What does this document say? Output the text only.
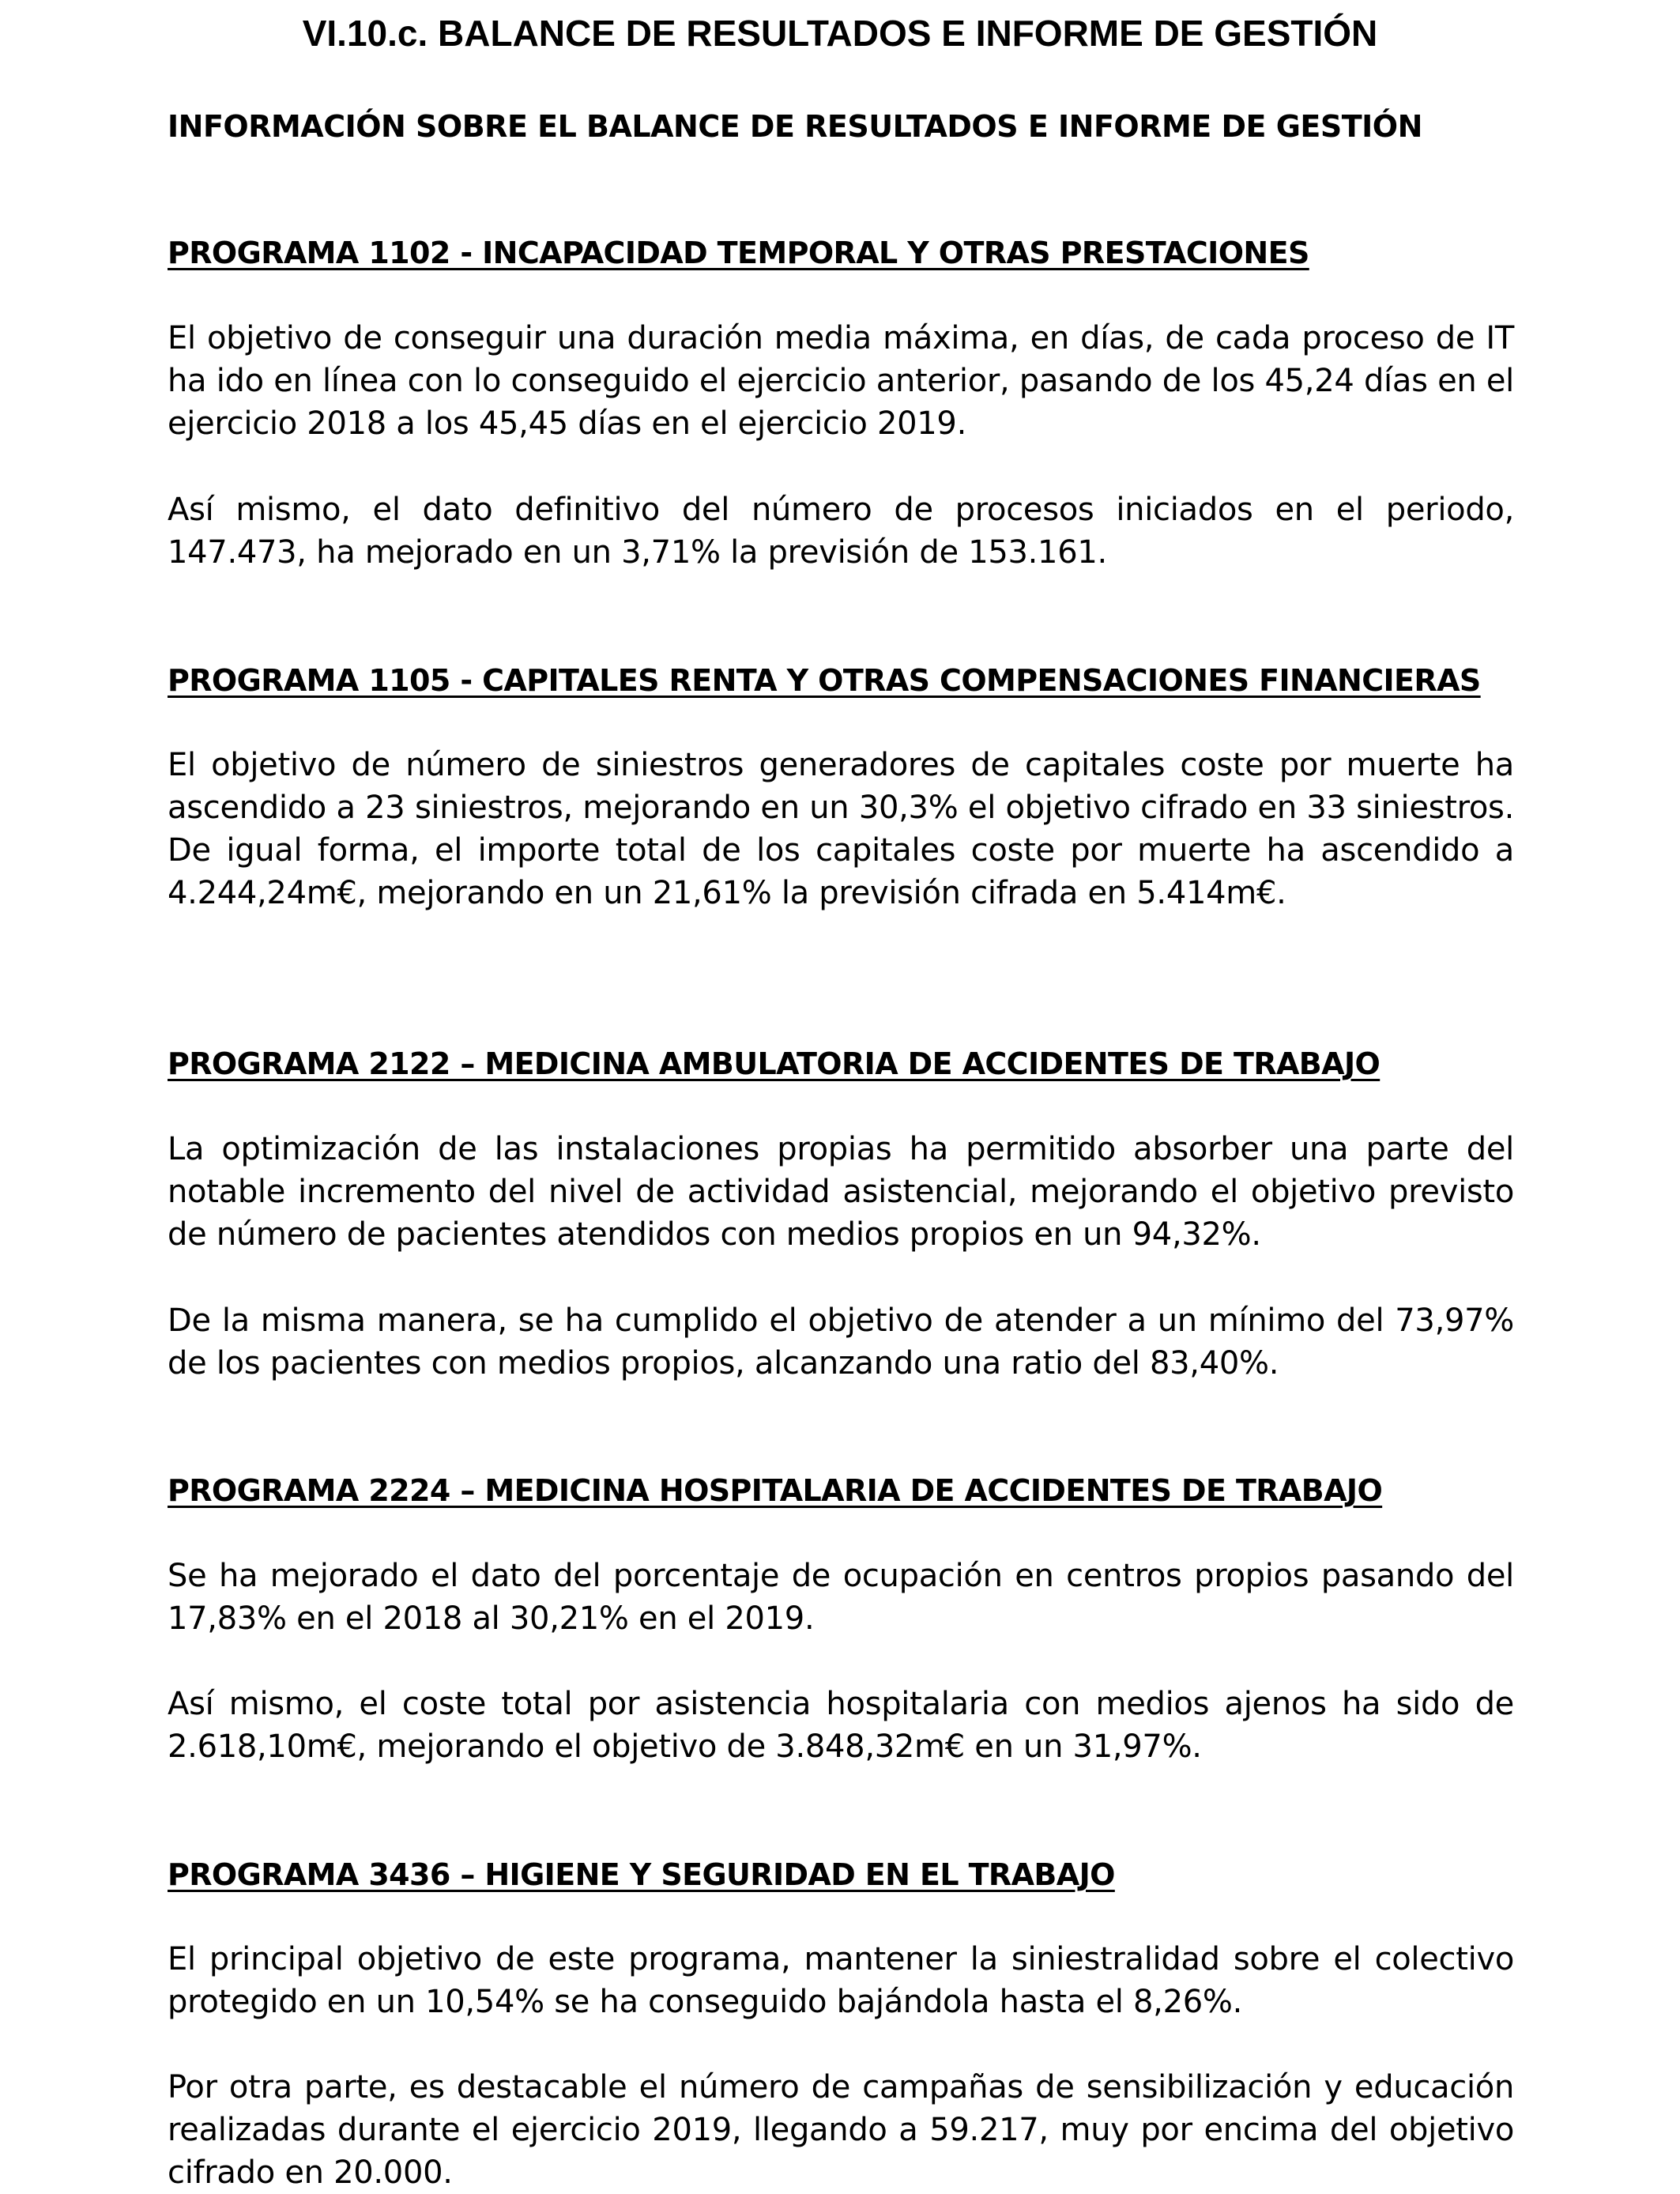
VI.10.c. BALANCE DE RESULTADOS E INFORME DE GESTIÓN
INFORMACIÓN SOBRE EL BALANCE DE RESULTADOS E INFORME DE GESTIÓN
PROGRAMA 1102 - INCAPACIDAD TEMPORAL Y OTRAS PRESTACIONES

El objetivo de conseguir una duración media máxima, en días, de cada proceso de IT ha ido en línea con lo conseguido el ejercicio anterior, pasando de los 45,24 días en el ejercicio 2018 a los 45,45 días en el ejercicio 2019.

Así mismo, el dato definitivo del número de procesos iniciados en el periodo, 147.473, ha mejorado en un 3,71% la previsión de 153.161.

PROGRAMA 1105 - CAPITALES RENTA Y OTRAS COMPENSACIONES FINANCIERAS

El objetivo de número de siniestros generadores de capitales coste por muerte ha ascendido a 23 siniestros, mejorando en un 30,3% el objetivo cifrado en 33 siniestros. De igual forma, el importe total de los capitales coste por muerte ha ascendido a 4.244,24m€, mejorando en un 21,61% la previsión cifrada en 5.414m€.

PROGRAMA 2122 – MEDICINA AMBULATORIA DE ACCIDENTES DE TRABAJO

La optimización de las instalaciones propias ha permitido absorber una parte del notable incremento del nivel de actividad asistencial, mejorando el objetivo previsto de número de pacientes atendidos con medios propios en un 94,32%.

De la misma manera, se ha cumplido el objetivo de atender a un mínimo del 73,97% de los pacientes con medios propios, alcanzando una ratio del 83,40%.

PROGRAMA 2224 – MEDICINA HOSPITALARIA DE ACCIDENTES DE TRABAJO

Se ha mejorado el dato del porcentaje de ocupación en centros propios pasando del 17,83% en el 2018 al 30,21% en el 2019.

Así mismo, el coste total por asistencia hospitalaria con medios ajenos ha sido de 2.618,10m€, mejorando el objetivo de 3.848,32m€ en un 31,97%.

PROGRAMA 3436 – HIGIENE Y SEGURIDAD EN EL TRABAJO

El principal objetivo de este programa, mantener la siniestralidad sobre el colectivo protegido en un 10,54% se ha conseguido bajándola hasta el 8,26%.

Por otra parte, es destacable el número de campañas de sensibilización y educación realizadas durante el ejercicio 2019, llegando a 59.217, muy por encima del objetivo cifrado en 20.000.
